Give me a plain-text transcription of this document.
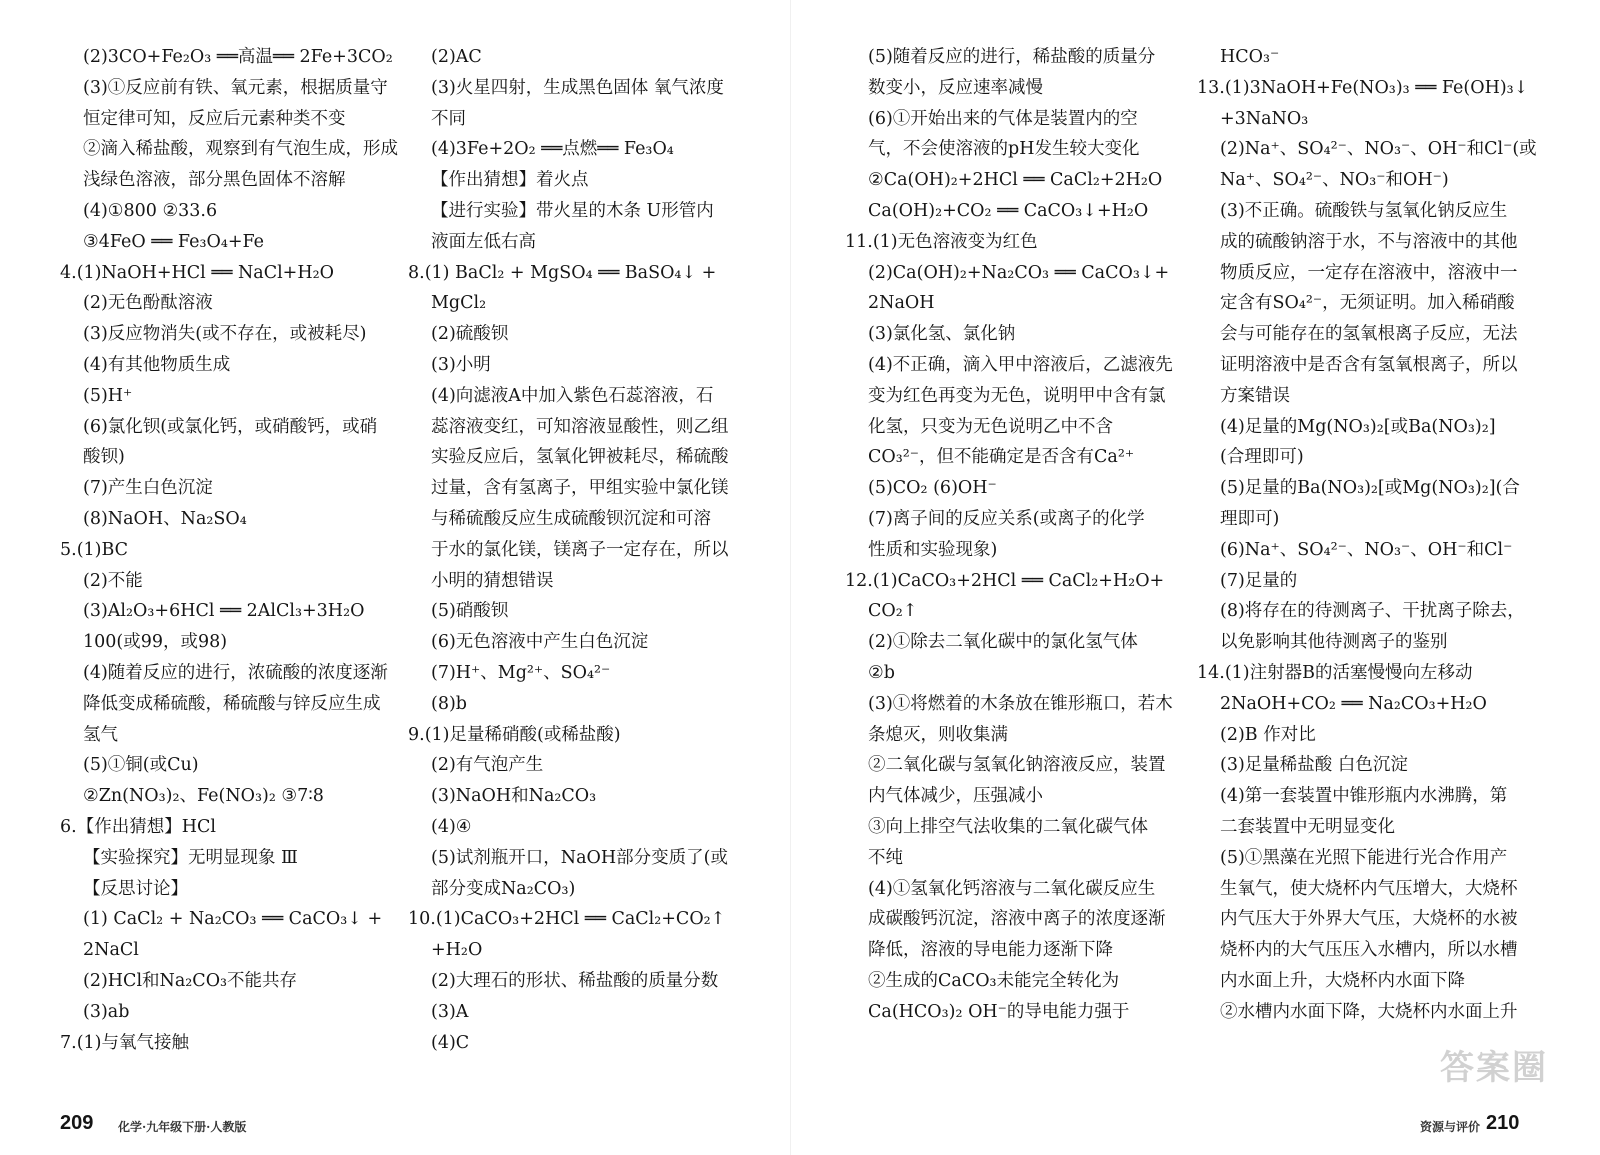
(2)3CO+Fe₂O₃ ══高温══ 2Fe+3CO₂
(3)①反应前有铁、氧元素，根据质量守
恒定律可知，反应后元素种类不变
②滴入稀盐酸，观察到有气泡生成，形成
浅绿色溶液，部分黑色固体不溶解
(4)①800 ②33.6
③4FeO ══ Fe₃O₄+Fe
4.(1)NaOH+HCl ══ NaCl+H₂O
(2)无色酚酞溶液
(3)反应物消失(或不存在，或被耗尽)
(4)有其他物质生成
(5)H⁺
(6)氯化钡(或氯化钙，或硝酸钙，或硝
酸钡)
(7)产生白色沉淀
(8)NaOH、Na₂SO₄
5.(1)BC
(2)不能
(3)Al₂O₃+6HCl ══ 2AlCl₃+3H₂O
100(或99，或98)
(4)随着反应的进行，浓硫酸的浓度逐渐
降低变成稀硫酸，稀硫酸与锌反应生成
氢气
(5)①铜(或Cu)
②Zn(NO₃)₂、Fe(NO₃)₂ ③7∶8
6.【作出猜想】HCl
【实验探究】无明显现象 Ⅲ
【反思讨论】
(1) CaCl₂ + Na₂CO₃ ══ CaCO₃↓ +
2NaCl
(2)HCl和Na₂CO₃不能共存
(3)ab
7.(1)与氧气接触
(2)AC
(3)火星四射，生成黑色固体 氧气浓度
不同
(4)3Fe+2O₂ ══点燃══ Fe₃O₄
【作出猜想】着火点
【进行实验】带火星的木条 U形管内
液面左低右高
8.(1) BaCl₂ + MgSO₄ ══ BaSO₄↓ +
MgCl₂
(2)硫酸钡
(3)小明
(4)向滤液A中加入紫色石蕊溶液，石
蕊溶液变红，可知溶液显酸性，则乙组
实验反应后，氢氧化钾被耗尽，稀硫酸
过量，含有氢离子，甲组实验中氯化镁
与稀硫酸反应生成硫酸钡沉淀和可溶
于水的氯化镁，镁离子一定存在，所以
小明的猜想错误
(5)硝酸钡
(6)无色溶液中产生白色沉淀
(7)H⁺、Mg²⁺、SO₄²⁻
(8)b
9.(1)足量稀硝酸(或稀盐酸)
(2)有气泡产生
(3)NaOH和Na₂CO₃
(4)④
(5)试剂瓶开口，NaOH部分变质了(或
部分变成Na₂CO₃)
10.(1)CaCO₃+2HCl ══ CaCl₂+CO₂↑
+H₂O
(2)大理石的形状、稀盐酸的质量分数
(3)A
(4)C
(5)随着反应的进行，稀盐酸的质量分
数变小，反应速率减慢
(6)①开始出来的气体是装置内的空
气，不会使溶液的pH发生较大变化
②Ca(OH)₂+2HCl ══ CaCl₂+2H₂O
Ca(OH)₂+CO₂ ══ CaCO₃↓+H₂O
11.(1)无色溶液变为红色
(2)Ca(OH)₂+Na₂CO₃ ══ CaCO₃↓+
2NaOH
(3)氯化氢、氯化钠
(4)不正确，滴入甲中溶液后，乙滤液先
变为红色再变为无色，说明甲中含有氯
化氢，只变为无色说明乙中不含
CO₃²⁻，但不能确定是否含有Ca²⁺
(5)CO₂ (6)OH⁻
(7)离子间的反应关系(或离子的化学
性质和实验现象)
12.(1)CaCO₃+2HCl ══ CaCl₂+H₂O+
CO₂↑
(2)①除去二氧化碳中的氯化氢气体
②b
(3)①将燃着的木条放在锥形瓶口，若木
条熄灭，则收集满
②二氧化碳与氢氧化钠溶液反应，装置
内气体减少，压强减小
③向上排空气法收集的二氧化碳气体
不纯
(4)①氢氧化钙溶液与二氧化碳反应生
成碳酸钙沉淀，溶液中离子的浓度逐渐
降低，溶液的导电能力逐渐下降
②生成的CaCO₃未能完全转化为
Ca(HCO₃)₂ OH⁻的导电能力强于
HCO₃⁻
13.(1)3NaOH+Fe(NO₃)₃ ══ Fe(OH)₃↓
+3NaNO₃
(2)Na⁺、SO₄²⁻、NO₃⁻、OH⁻和Cl⁻(或
Na⁺、SO₄²⁻、NO₃⁻和OH⁻)
(3)不正确。硫酸铁与氢氧化钠反应生
成的硫酸钠溶于水，不与溶液中的其他
物质反应，一定存在溶液中，溶液中一
定含有SO₄²⁻，无须证明。加入稀硝酸
会与可能存在的氢氧根离子反应，无法
证明溶液中是否含有氢氧根离子，所以
方案错误
(4)足量的Mg(NO₃)₂[或Ba(NO₃)₂]
(合理即可)
(5)足量的Ba(NO₃)₂[或Mg(NO₃)₂](合
理即可)
(6)Na⁺、SO₄²⁻、NO₃⁻、OH⁻和Cl⁻
(7)足量的
(8)将存在的待测离子、干扰离子除去，
以免影响其他待测离子的鉴别
14.(1)注射器B的活塞慢慢向左移动
2NaOH+CO₂ ══ Na₂CO₃+H₂O
(2)B 作对比
(3)足量稀盐酸 白色沉淀
(4)第一套装置中锥形瓶内水沸腾，第
二套装置中无明显变化
(5)①黑藻在光照下能进行光合作用产
生氧气，使大烧杯内气压增大，大烧杯
内气压大于外界大气压，大烧杯的水被
烧杯内的大气压压入水槽内，所以水槽
内水面上升，大烧杯内水面下降
②水槽内水面下降，大烧杯内水面上升
209 化学·九年级下册·人教版	资源与评价 210
答案圈
